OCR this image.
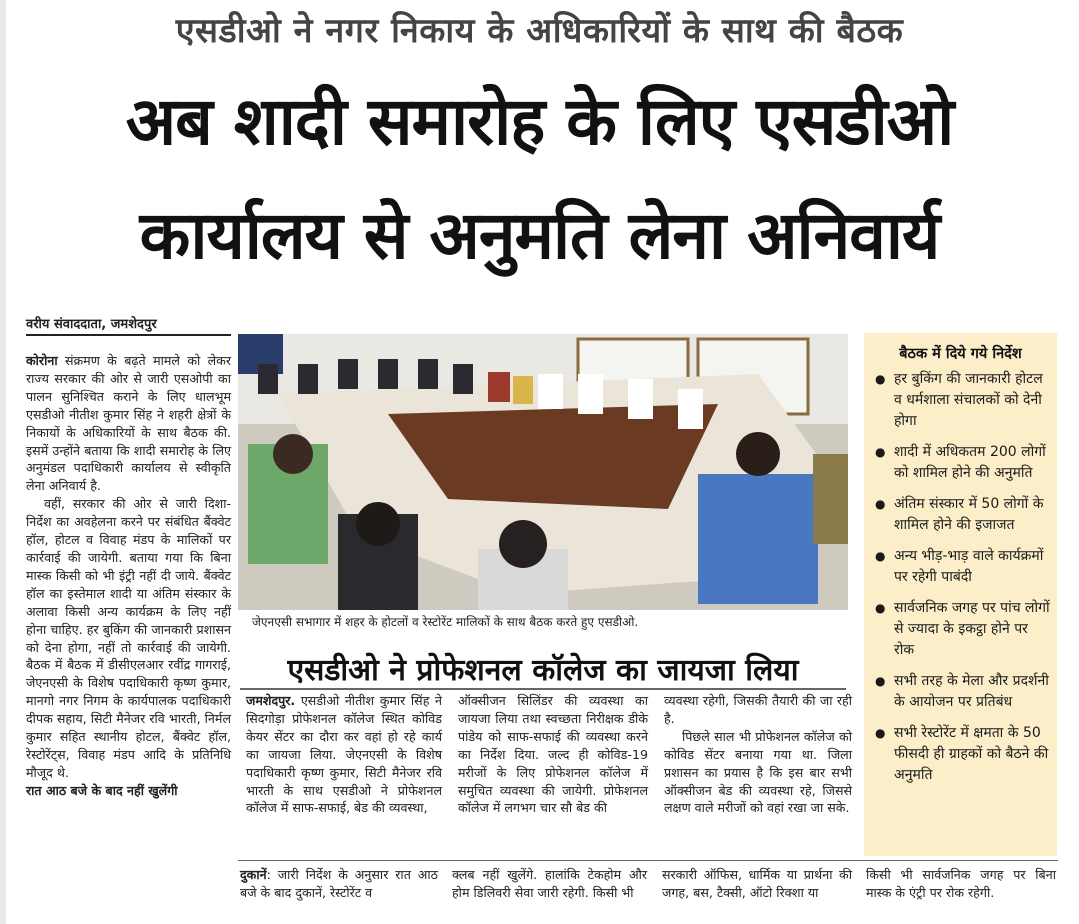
एसडीओ ने नगर निकाय के अधिकारियों के साथ की बैठक
अब शादी समारोह के लिए एसडीओ
कार्यालय से अनुमति लेना अनिवार्य
वरीय संवाददाता, जमशेदपुर

कोरोना संक्रमण के बढ़ते मामले को लेकर राज्य सरकार की ओर से जारी एसओपी का पालन सुनिश्चित कराने के लिए धालभूम एसडीओ नीतीश कुमार सिंह ने शहरी क्षेत्रों के निकायों के अधिकारियों के साथ बैठक की. इसमें उन्होंने बताया कि शादी समारोह के लिए अनुमंडल पदाधिकारी कार्यालय से स्वीकृति लेना अनिवार्य है.

वहीं, सरकार की ओर से जारी दिशा-निर्देश का अवहेलना करने पर संबंधित बैंक्वेट हॉल, होटल व विवाह मंडप के मालिकों पर कार्रवाई की जायेगी. बताया गया कि बिना मास्क किसी को भी इंट्री नहीं दी जाये. बैंक्वेट हॉल का इस्तेमाल शादी या अंतिम संस्कार के अलावा किसी अन्य कार्यक्रम के लिए नहीं होना चाहिए. हर बुकिंग की जानकारी प्रशासन को देना होगा, नहीं तो कार्रवाई की जायेगी. बैठक में बैठक में डीसीएलआर रवींद्र गागराई, जेएनएसी के विशेष पदाधिकारी कृष्ण कुमार, मानगो नगर निगम के कार्यपालक पदाधिकारी दीपक सहाय, सिटी मैनेजर रवि भारती, निर्मल कुमार सहित स्थानीय होटल, बैंक्वेट हॉल, रेस्टोरेंट्स, विवाह मंडप आदि के प्रतिनिधि मौजूद थे.

रात आठ बजे के बाद नहीं खुलेंगी

जेएनएसी सभागार में शहर के होटलों व रेस्टोरेंट मालिकों के साथ बैठक करते हुए एसडीओ.
एसडीओ ने प्रोफेशनल कॉलेज का जायजा लिया

जमशेदपुर. एसडीओ नीतीश कुमार सिंह ने सिदगोड़ा प्रोफेशनल कॉलेज स्थित कोविड केयर सेंटर का दौरा कर वहां हो रहे कार्य का जायजा लिया. जेएनएसी के विशेष पदाधिकारी कृष्ण कुमार, सिटी मैनेजर रवि भारती के साथ एसडीओ ने प्रोफेशनल कॉलेज में साफ-सफाई, बेड की व्यवस्था,

ऑक्सीजन सिलिंडर की व्यवस्था का जायजा लिया तथा स्वच्छता निरीक्षक डीके पांडेय को साफ-सफाई की व्यवस्था करने का निर्देश दिया. जल्द ही कोविड-19 मरीजों के लिए प्रोफेशनल कॉलेज में समुचित व्यवस्था की जायेगी. प्रोफेशनल कॉलेज में लगभग चार सौ बेड की

व्यवस्था रहेगी, जिसकी तैयारी की जा रही है.

पिछले साल भी प्रोफेशनल कॉलेज को कोविड सेंटर बनाया गया था. जिला प्रशासन का प्रयास है कि इस बार सभी ऑक्सीजन बेड की व्यवस्था रहे, जिससे लक्षण वाले मरीजों को वहां रखा जा सके.

बैठक में दिये गये निर्देश
● हर बुकिंग की जानकारी होटल व धर्मशाला संचालकों को देनी होगा
● शादी में अधिकतम 200 लोगों को शामिल होने की अनुमति
● अंतिम संस्कार में 50 लोगों के शामिल होने की इजाजत
● अन्य भीड़-भाड़ वाले कार्यक्रमों पर रहेगी पाबंदी
● सार्वजनिक जगह पर पांच लोगों से ज्यादा के इकट्ठा होने पर रोक
● सभी तरह के मेला और प्रदर्शनी के आयोजन पर प्रतिबंध
● सभी रेस्टोरेंट में क्षमता के 50 फीसदी ही ग्राहकों को बैठने की अनुमति
दुकानें: जारी निर्देश के अनुसार रात आठ बजे के बाद दुकानें, रेस्टोरेंट व
क्लब नहीं खुलेंगे. हालांकि टेकहोम और होम डिलिवरी सेवा जारी रहेगी. किसी भी
सरकारी ऑफिस, धार्मिक या प्रार्थना की जगह, बस, टैक्सी, ऑटो रिक्शा या
किसी भी सार्वजनिक जगह पर बिना मास्क के एंट्री पर रोक रहेगी.
